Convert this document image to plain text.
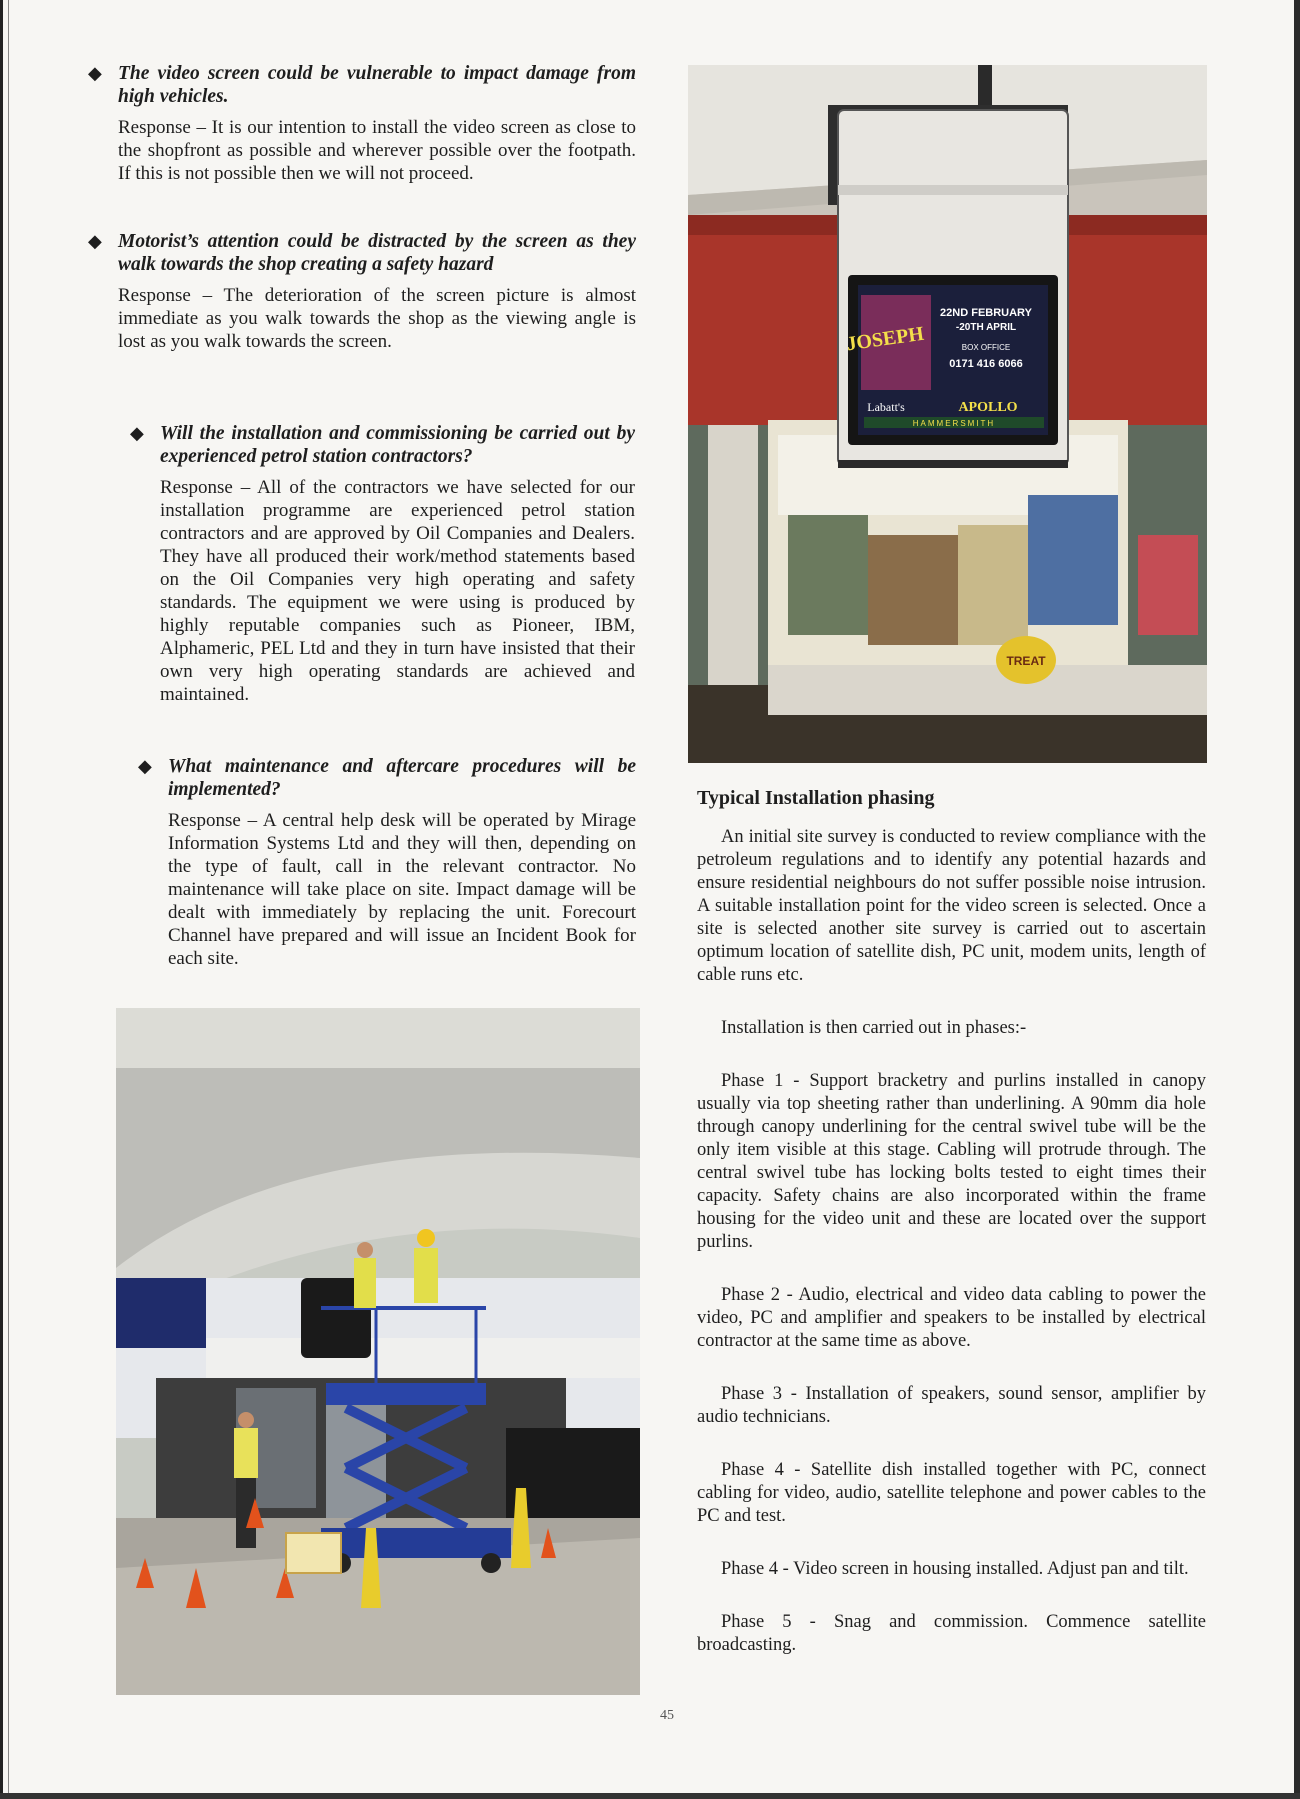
◆ The video screen could be vulnerable to impact damage from high vehicles.
Response – It is our intention to install the video screen as close to the shopfront as possible and wherever possible over the footpath. If this is not possible then we will not proceed.
◆ Motorist’s attention could be distracted by the screen as they walk towards the shop creating a safety hazard
Response – The deterioration of the screen picture is almost immediate as you walk towards the shop as the viewing angle is lost as you walk towards the screen.
◆ Will the installation and commissioning be carried out by experienced petrol station contractors?
Response – All of the contractors we have selected for our installation programme are experienced petrol station contractors and are approved by Oil Companies and Dealers. They have all produced their work/method statements based on the Oil Companies very high operating and safety standards. The equipment we were using is produced by highly reputable companies such as Pioneer, IBM, Alphameric, PEL Ltd and they in turn have insisted that their own very high operating standards are achieved and maintained.
◆ What maintenance and aftercare procedures will be implemented?
Response – A central help desk will be operated by Mirage Information Systems Ltd and they will then, depending on the type of fault, call in the relevant contractor. No maintenance will take place on site. Impact damage will be dealt with immediately by replacing the unit. Forecourt Channel have prepared and will issue an Incident Book for each site.
JOSEPH
22ND FEBRUARY
-20TH APRIL
BOX OFFICE
0171 416 6066
Labatt's	APOLLO
HAMMERSMITH
TREAT
Typical Installation phasing

An initial site survey is conducted to review compliance with the petroleum regulations and to identify any potential hazards and ensure residential neighbours do not suffer possible noise intrusion. A suitable installation point for the video screen is selected. Once a site is selected another site survey is carried out to ascertain optimum location of satellite dish, PC unit, modem units, length of cable runs etc.

Installation is then carried out in phases:-

Phase 1 - Support bracketry and purlins installed in canopy usually via top sheeting rather than underlining. A 90mm dia hole through canopy underlining for the central swivel tube will be the only item visible at this stage. Cabling will protrude through. The central swivel tube has locking bolts tested to eight times their capacity. Safety chains are also incorporated within the frame housing for the video unit and these are located over the support purlins.

Phase 2 - Audio, electrical and video data cabling to power the video, PC and amplifier and speakers to be installed by electrical contractor at the same time as above.

Phase 3 - Installation of speakers, sound sensor, amplifier by audio technicians.

Phase 4 - Satellite dish installed together with PC, connect cabling for video, audio, satellite telephone and power cables to the PC and test.

Phase 4 - Video screen in housing installed. Adjust pan and tilt.

Phase 5 - Snag and commission. Commence satellite broadcasting.

45
